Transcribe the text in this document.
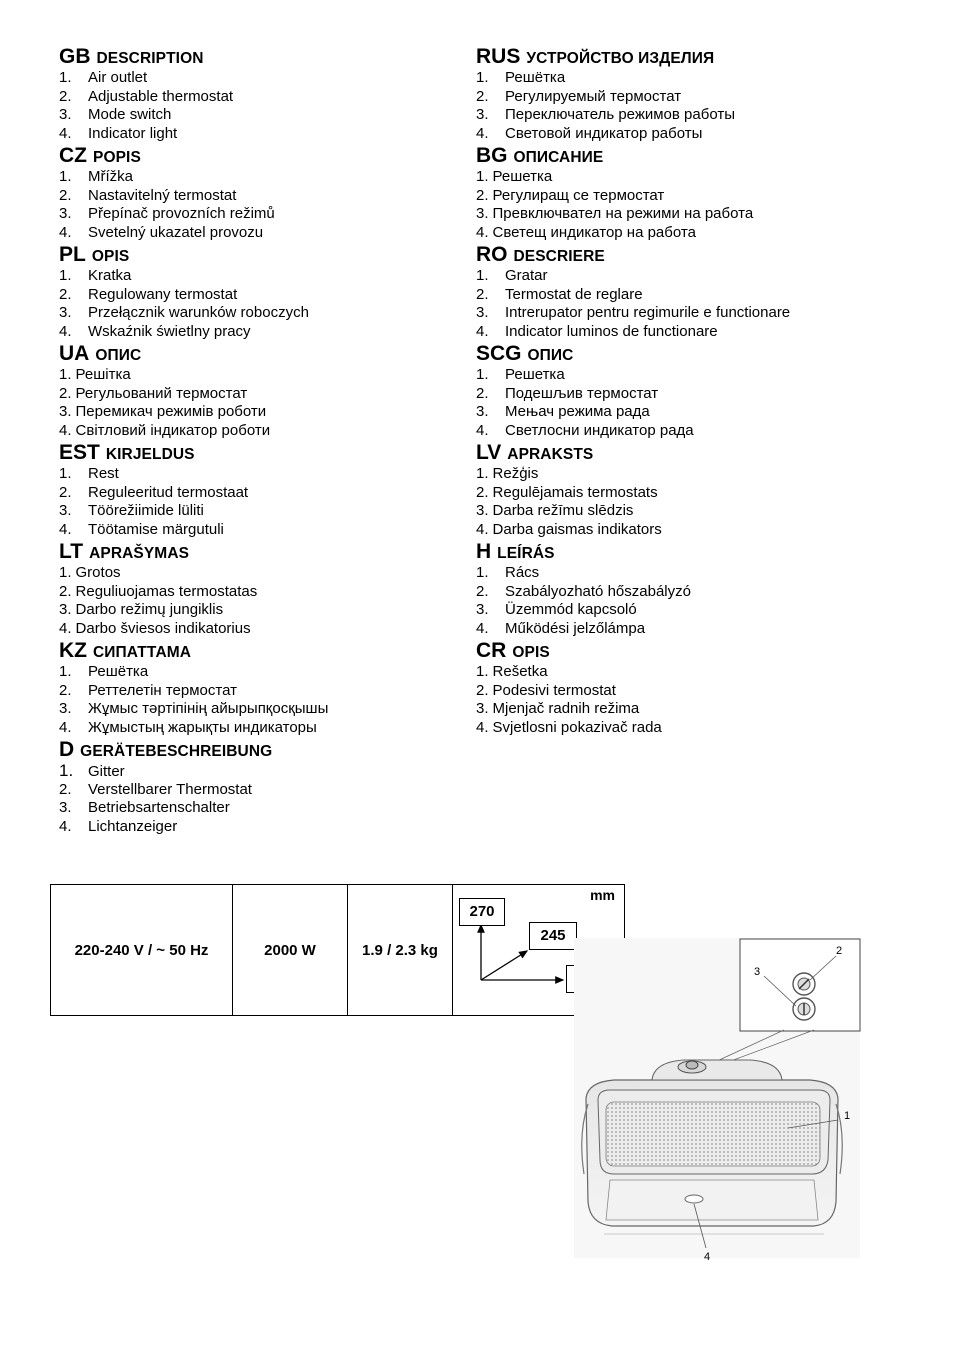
GB DESCRIPTION
1. Air outlet
2. Adjustable thermostat
3. Mode switch
4. Indicator light
CZ POPIS
1. Mřížka
2. Nastavitelný termostat
3. Přepínač provozních režimů
4. Svetelný ukazatel provozu
PL OPIS
1. Kratka
2. Regulowany termostat
3. Przełącznik warunków roboczych
4. Wskaźnik świetlny pracy
UA ОПИС
1. Решітка
2. Регульований термостат
3. Перемикач режимів роботи
4. Світловий індикатор роботи
EST KIRJELDUS
1. Rest
2. Reguleeritud termostaat
3. Töörežiimide lüliti
4. Töötamise märgutuli
LT APRAŠYMAS
1. Grotos
2. Reguliuojamas termostatas
3. Darbo režimų jungiklis
4. Darbo šviesos indikatorius
KZ СИПАТТАМА
1. Решётка
2. Реттелетін термостат
3. Жұмыс тәртіпінің айырыпқосқышы
4. Жұмыстың жарықты индикаторы
D GERÄTEBESCHREIBUNG
1. Gitter
2. Verstellbarer Thermostat
3. Betriebsartenschalter
4. Lichtanzeiger
RUS УСТРОЙСТВО ИЗДЕЛИЯ
1. Решётка
2. Регулируемый термостат
3. Переключатель режимов работы
4. Световой индикатор работы
BG ОПИСАНИЕ
1. Решетка
2. Регулиращ се термостат
3. Превключвател на режими на работа
4. Светещ индикатор на работа
RO DESCRIERE
1. Gratar
2. Termostat de reglare
3. Intrerupator pentru regimurile e functionare
4. Indicator luminos de functionare
SCG ОПИС
1. Решетка
2. Подешљив термостат
3. Мењач режима рада
4. Светлосни индикатор рада
LV APRAKSTS
1. Režģis
2. Regulējamais termostats
3. Darba režīmu slēdzis
4. Darba gaismas indikators
H LEÍRÁS
1. Rács
2. Szabályozható hőszabályzó
3. Üzemmód kapcsoló
4. Működési jelzőlámpa
CR OPIS
1. Rešetka
2. Podesivi termostat
3. Mjenjač radnih režima
4. Svjetlosni pokazivač rada
220-240 V / ~ 50 Hz	2000 W	1.9 / 2.3 kg	
mm
270
245
1
2
3
4
